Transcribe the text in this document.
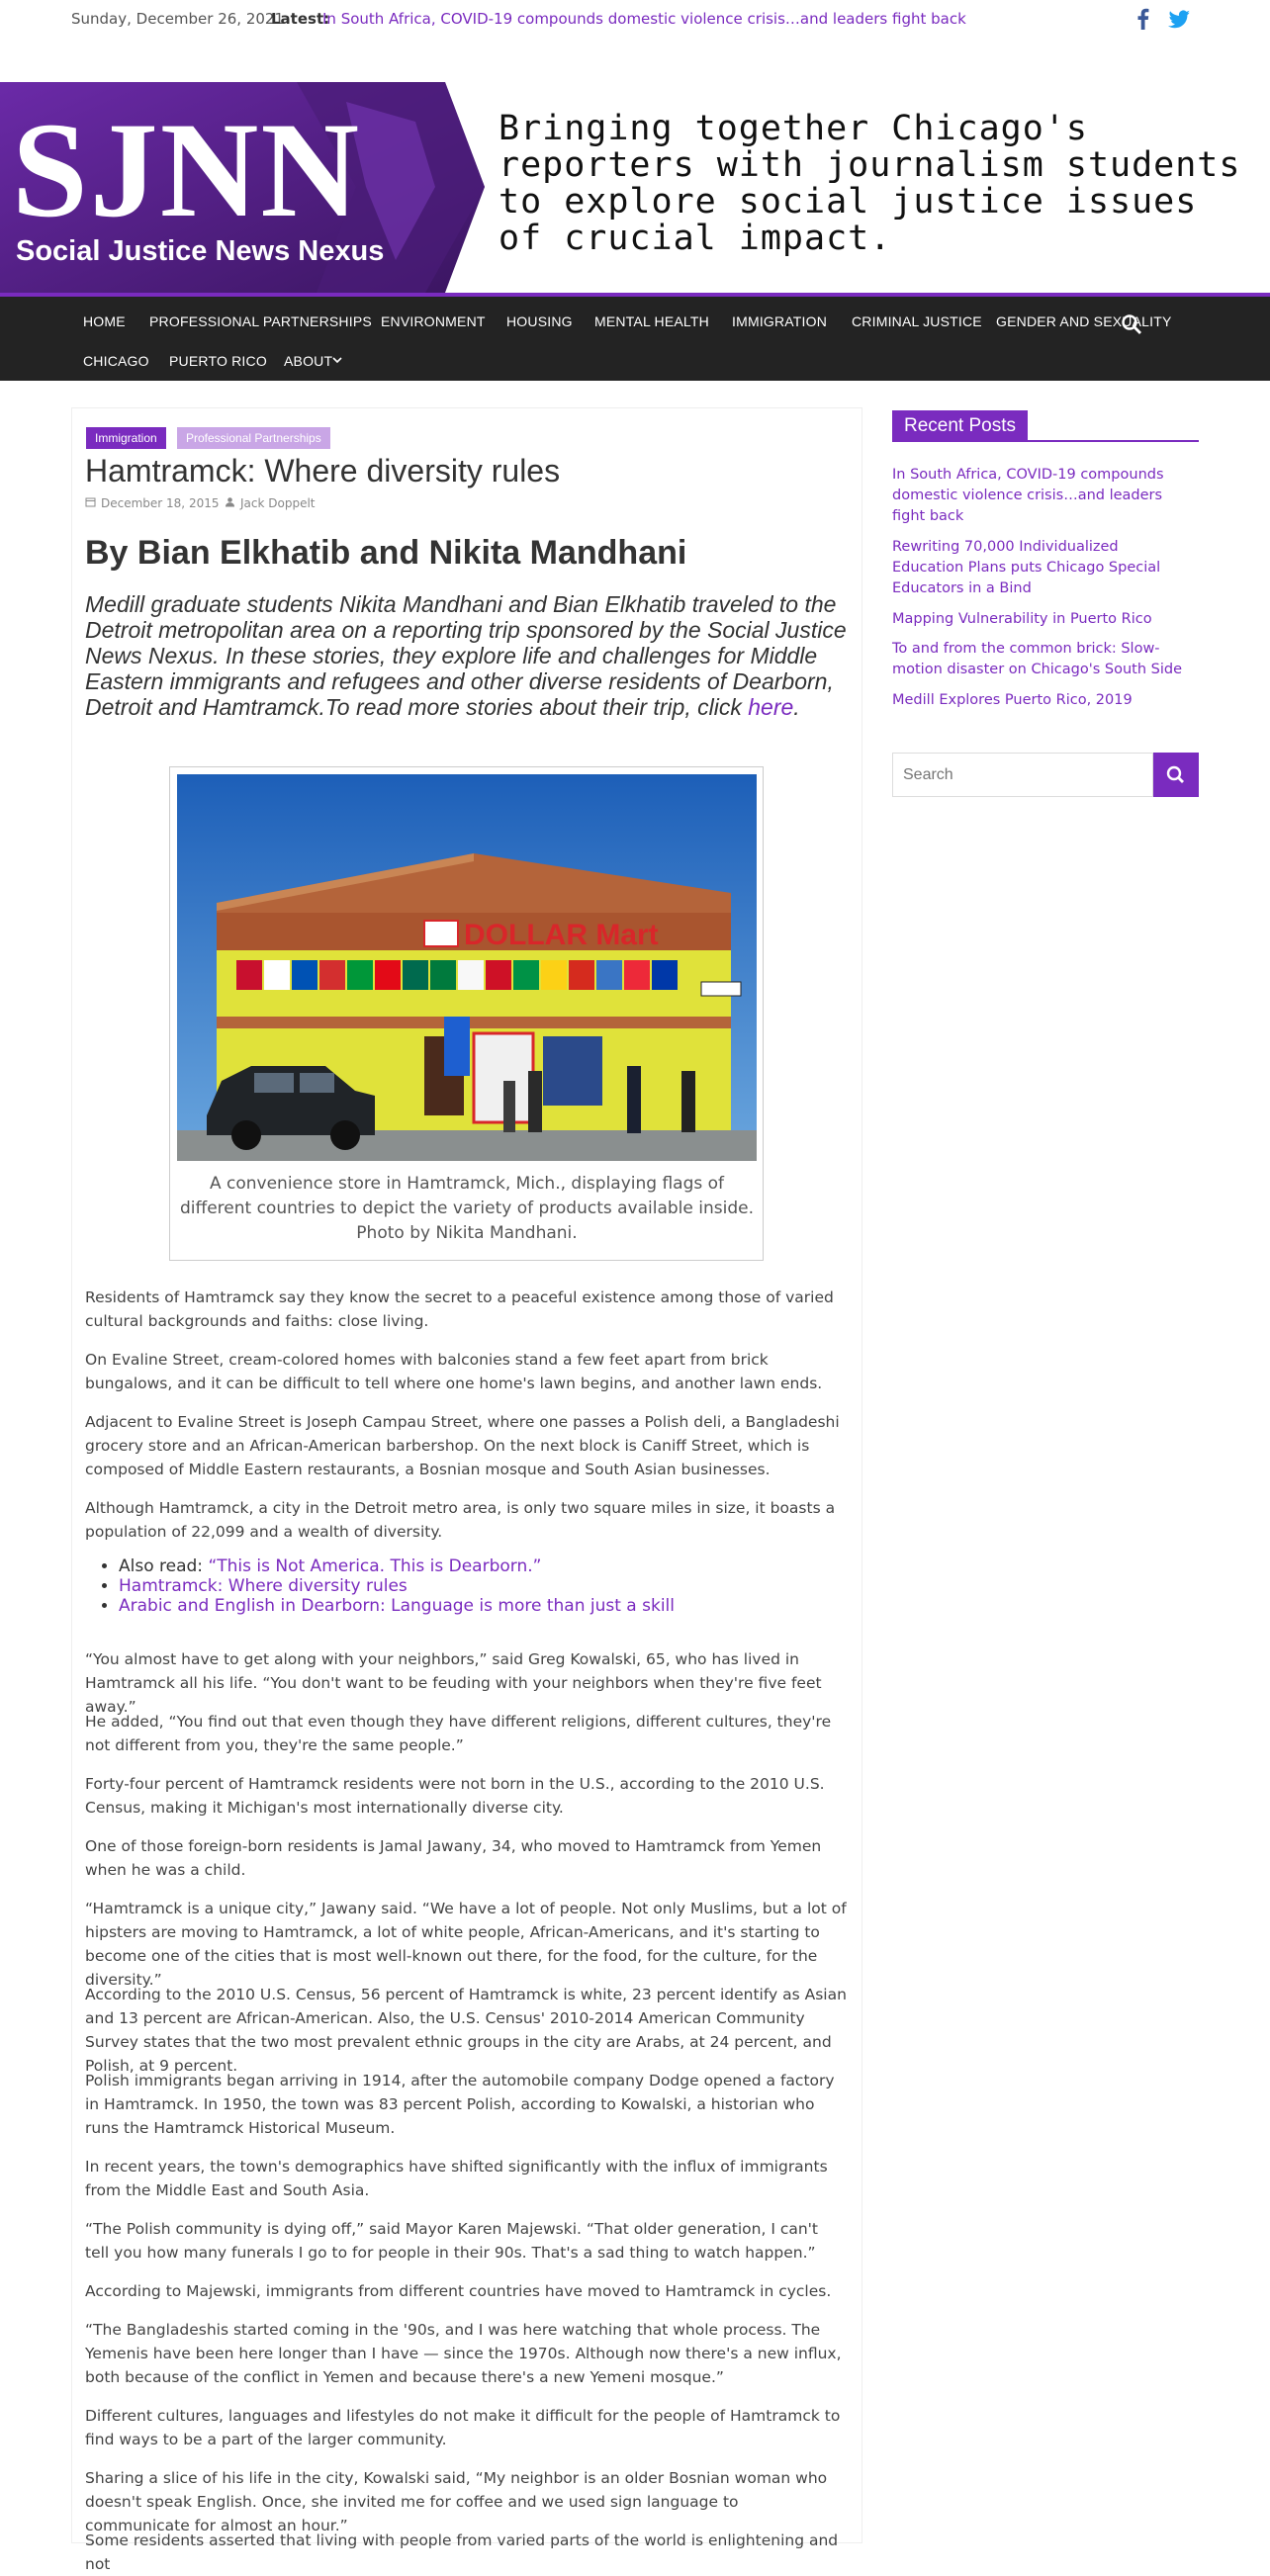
Sunday, December 26, 2021
Latest:
In South Africa, COVID-19 compounds domestic violence crisis…and leaders fight back
SJNN
Social Justice News Nexus
Bringing together Chicago's reporters with journalism students to explore social justice issues of crucial impact.
HOME PROFESSIONAL PARTNERSHIPS ENVIRONMENT HOUSING MENTAL HEALTH IMMIGRATION CRIMINAL JUSTICE GENDER AND SEXUALITY
CHICAGO PUERTO RICO ABOUT
Immigration	Professional Partnerships
Hamtramck: Where diversity rules
December 18, 2015 Jack Doppelt
By Bian Elkhatib and Nikita Mandhani

Medill graduate students Nikita Mandhani and Bian Elkhatib traveled to the Detroit metropolitan area on a reporting trip sponsored by the Social Justice News Nexus. In these stories, they explore life and challenges for Middle Eastern immigrants and refugees and other diverse residents of Dearborn, Detroit and Hamtramck.To read more stories about their trip, click here.

DOLLAR Mart

A convenience store in Hamtramck, Mich., displaying flags of different countries to depict the variety of products available inside. Photo by Nikita Mandhani.

Residents of Hamtramck say they know the secret to a peaceful existence among those of varied cultural backgrounds and faiths: close living.

On Evaline Street, cream-colored homes with balconies stand a few feet apart from brick bungalows, and it can be difficult to tell where one home's lawn begins, and another lawn ends.

Adjacent to Evaline Street is Joseph Campau Street, where one passes a Polish deli, a Bangladeshi grocery store and an African-American barbershop. On the next block is Caniff Street, which is composed of Middle Eastern restaurants, a Bosnian mosque and South Asian businesses.

Although Hamtramck, a city in the Detroit metro area, is only two square miles in size, it boasts a population of 22,099 and a wealth of diversity.

• Also read: “This is Not America. This is Dearborn.”
• Hamtramck: Where diversity rules
• Arabic and English in Dearborn: Language is more than just a skill

“You almost have to get along with your neighbors,” said Greg Kowalski, 65, who has lived in Hamtramck all his life. “You don't want to be feuding with your neighbors when they're five feet away.”

He added, “You find out that even though they have different religions, different cultures, they're not different from you, they're the same people.”

Forty-four percent of Hamtramck residents were not born in the U.S., according to the 2010 U.S. Census, making it Michigan's most internationally diverse city.

One of those foreign-born residents is Jamal Jawany, 34, who moved to Hamtramck from Yemen when he was a child.

“Hamtramck is a unique city,” Jawany said. “We have a lot of people. Not only Muslims, but a lot of hipsters are moving to Hamtramck, a lot of white people, African-Americans, and it's starting to become one of the cities that is most well-known out there, for the food, for the culture, for the diversity.”

According to the 2010 U.S. Census, 56 percent of Hamtramck is white, 23 percent identify as Asian and 13 percent are African-American. Also, the U.S. Census' 2010-2014 American Community Survey states that the two most prevalent ethnic groups in the city are Arabs, at 24 percent, and Polish, at 9 percent.

Polish immigrants began arriving in 1914, after the automobile company Dodge opened a factory in Hamtramck. In 1950, the town was 83 percent Polish, according to Kowalski, a historian who runs the Hamtramck Historical Museum.

In recent years, the town's demographics have shifted significantly with the influx of immigrants from the Middle East and South Asia.

“The Polish community is dying off,” said Mayor Karen Majewski. “That older generation, I can't tell you how many funerals I go to for people in their 90s. That's a sad thing to watch happen.”

According to Majewski, immigrants from different countries have moved to Hamtramck in cycles.

“The Bangladeshis started coming in the '90s, and I was here watching that whole process. The Yemenis have been here longer than I have — since the 1970s. Although now there's a new influx, both because of the conflict in Yemen and because there's a new Yemeni mosque.”

Different cultures, languages and lifestyles do not make it difficult for the people of Hamtramck to find ways to be a part of the larger community.

Sharing a slice of his life in the city, Kowalski said, “My neighbor is an older Bosnian woman who doesn't speak English. Once, she invited me for coffee and we used sign language to communicate for almost an hour.”

not

Recent Posts
In South Africa, COVID-19 compounds domestic violence crisis…and leaders fight back
Rewriting 70,000 Individualized Education Plans puts Chicago Special Educators in a Bind
Mapping Vulnerability in Puerto Rico
To and from the common brick: Slow-motion disaster on Chicago's South Side
Medill Explores Puerto Rico, 2019
Search
